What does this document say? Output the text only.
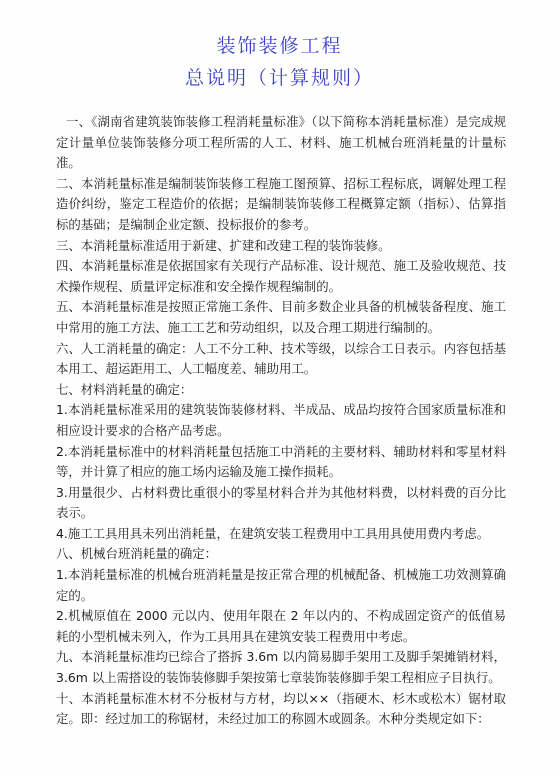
装饰装修工程
总说明（计算规则）

一、《湖南省建筑装饰装修工程消耗量标准》（以下简称本消耗量标准）是完成规定计量单位装饰装修分项工程所需的人工、材料、施工机械台班消耗量的计量标准。

二、本消耗量标准是编制装饰装修工程施工图预算、招标工程标底，调解处理工程造价纠纷，鉴定工程造价的依据；是编制装饰装修工程概算定额（指标）、估算指标的基础；是编制企业定额、投标报价的参考。

三、本消耗量标准适用于新建、扩建和改建工程的装饰装修。

四、本消耗量标准是依据国家有关现行产品标准、设计规范、施工及验收规范、技术操作规程、质量评定标准和安全操作规程编制的。

五、本消耗量标准是按照正常施工条件、目前多数企业具备的机械装备程度、施工中常用的施工方法、施工工艺和劳动组织，以及合理工期进行编制的。

六、人工消耗量的确定：人工不分工种、技术等级，以综合工日表示。内容包括基本用工、超运距用工、人工幅度差、辅助用工。

七、材料消耗量的确定：

1.本消耗量标准采用的建筑装饰装修材料、半成品、成品均按符合国家质量标准和相应设计要求的合格产品考虑。

2.本消耗量标准中的材料消耗量包括施工中消耗的主要材料、辅助材料和零星材料等，并计算了相应的施工场内运输及施工操作损耗。

3.用量很少、占材料费比重很小的零星材料合并为其他材料费，以材料费的百分比表示。

4.施工工具用具未列出消耗量，在建筑安装工程费用中工具用具使用费内考虑。

八、机械台班消耗量的确定：

1.本消耗量标准的机械台班消耗量是按正常合理的机械配备、机械施工功效测算确定的。

2.机械原值在 2000 元以内、使用年限在 2 年以内的、不构成固定资产的低值易耗的小型机械未列入，作为工具用具在建筑安装工程费用中考虑。

九、本消耗量标准均已综合了搭拆 3.6m 以内简易脚手架用工及脚手架摊销材料，3.6m 以上需搭设的装饰装修脚手架按第七章装饰装修脚手架工程相应子目执行。

十、本消耗量标准木材不分板材与方材，均以××（指硬木、杉木或松木）锯材取定。即：经过加工的称锯材，未经过加工的称圆木或圆条。木种分类规定如下：
